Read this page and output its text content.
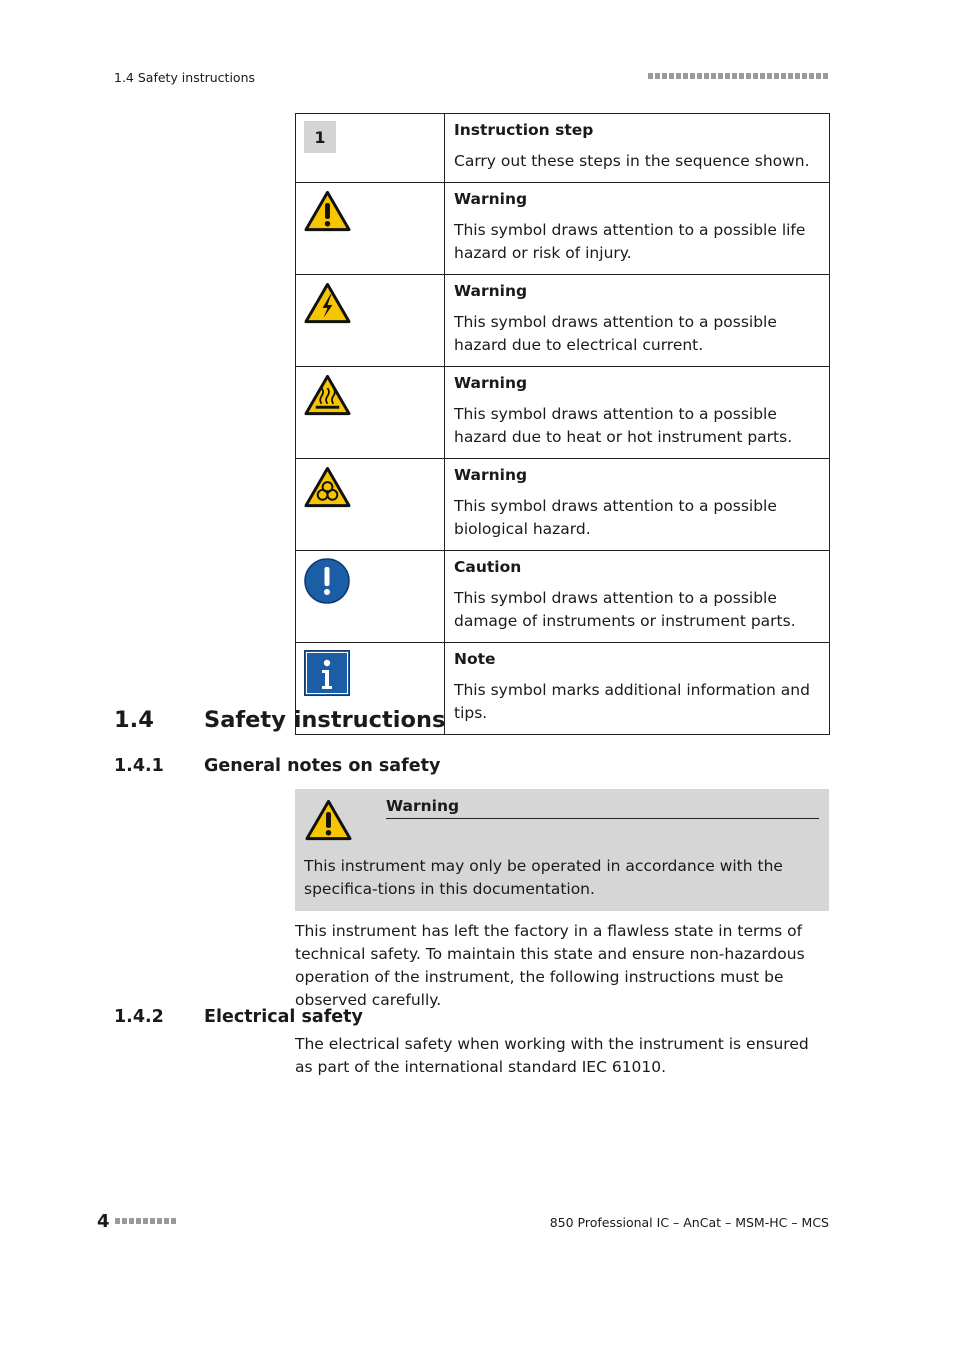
1.4 Safety instructions
1	Instruction step
Carry out these steps in the sequence shown.

Warning
This symbol draws attention to a possible life hazard or risk of injury.

Warning
This symbol draws attention to a possible hazard due to electrical current.

Warning
This symbol draws attention to a possible hazard due to heat or hot instrument parts.

Warning
This symbol draws attention to a possible biological hazard.

Caution
This symbol draws attention to a possible damage of instruments or instrument parts.

Note
This symbol marks additional information and tips.
1.4 Safety instructions
1.4.1 General notes on safety
Warning
This instrument may only be operated in accordance with the specifica-tions in this documentation.
This instrument has left the factory in a flawless state in terms of technical safety. To maintain this state and ensure non-hazardous operation of the instrument, the following instructions must be observed carefully.
1.4.2 Electrical safety
The electrical safety when working with the instrument is ensured as part of the international standard IEC 61010.
4	850 Professional IC – AnCat – MSM-HC – MCS
